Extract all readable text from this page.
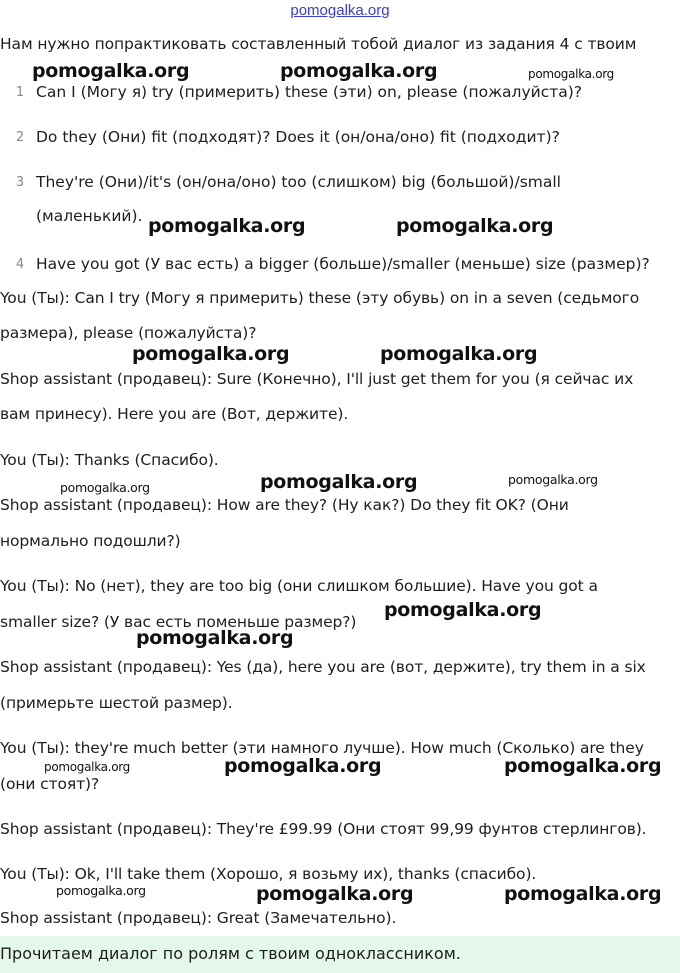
pomogalka.org
Нам нужно попрактиковать составленный тобой диалог из задания 4 с твоим
1 Can I (Могу я) try (примерить) these (эти) on, please (пожалуйста)?
2 Do they (Они) fit (подходят)? Does it (он/она/оно) fit (подходит)?
3 They're (Они)/it's (он/она/оно) too (слишком) big (большой)/small
(маленький).
4 Have you got (У вас есть) a bigger (больше)/smaller (меньше) size (размер)?
You (Ты): Can I try (Могу я примерить) these (эту обувь) on in a seven (седьмого
размера), please (пожалуйста)?
Shop assistant (продавец): Sure (Конечно), I'll just get them for you (я сейчас их
вам принесу). Here you are (Вот, держите).
You (Ты): Thanks (Спасибо).
Shop assistant (продавец): How are they? (Ну как?) Do they fit OK? (Они
нормально подошли?)
You (Ты): No (нет), they are too big (они слишком большие). Have you got a
smaller size? (У вас есть поменьше размер?)
Shop assistant (продавец): Yes (да), here you are (вот, держите), try them in a six
(примерьте шестой размер).
You (Ты): they're much better (эти намного лучше). How much (Сколько) are they
(они стоят)?
Shop assistant (продавец): They're £99.99 (Они стоят 99,99 фунтов стерлингов).
You (Ты): Ok, I'll take them (Хорошо, я возьму их), thanks (спасибо).
Shop assistant (продавец): Great (Замечательно).
pomogalka.org	pomogalka.org	pomogalka.org
pomogalka.org	pomogalka.org
pomogalka.org	pomogalka.org
pomogalka.org	pomogalka.org	pomogalka.org
pomogalka.org
pomogalka.org
pomogalka.org	pomogalka.org	pomogalka.org
pomogalka.org	pomogalka.org	pomogalka.org
Прочитаем диалог по ролям с твоим одноклассником.
